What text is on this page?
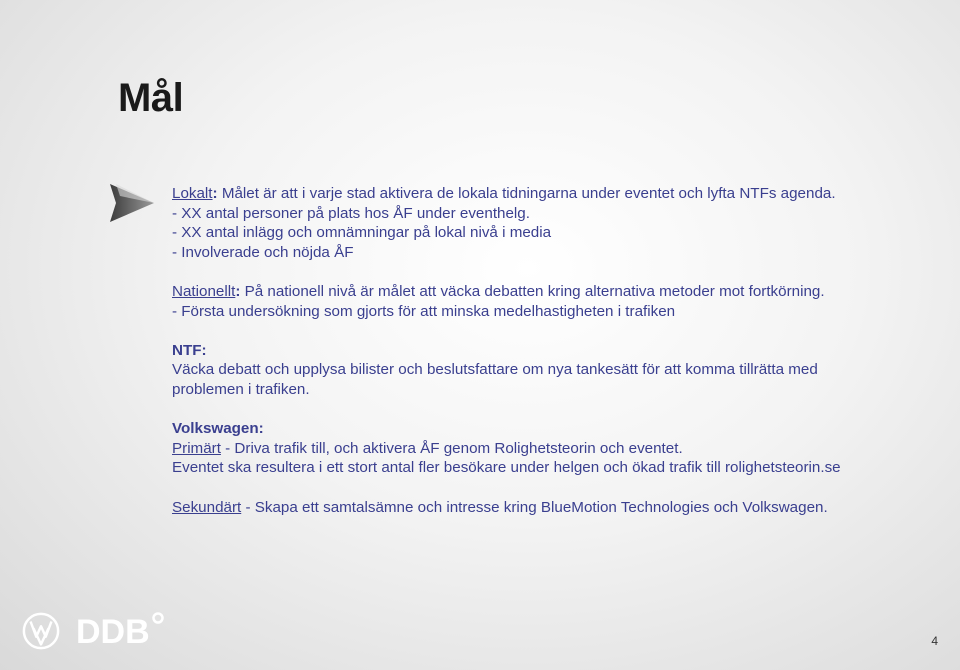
Mål

Lokalt: Målet är att i varje stad aktivera de lokala tidningarna under eventet och lyfta NTFs agenda.

- XX antal personer på plats hos ÅF under eventhelg.

- XX antal inlägg och omnämningar på lokal nivå i media

- Involverade och nöjda ÅF

Nationellt: På nationell nivå är målet att väcka debatten kring alternativa metoder mot fortkörning.

- Första undersökning som gjorts för att minska medelhastigheten i trafiken

NTF:

Väcka debatt och upplysa bilister och beslutsfattare om nya tankesätt för att komma tillrätta med problemen i trafiken.

Volkswagen:

Primärt - Driva trafik till, och aktivera ÅF genom Rolighetsteorin och eventet.

Eventet ska resultera i ett stort antal fler besökare under helgen och ökad trafik till rolighetsteorin.se

Sekundärt - Skapa ett samtalsämne och intresse kring BlueMotion Technologies och Volkswagen.

DDB	4
